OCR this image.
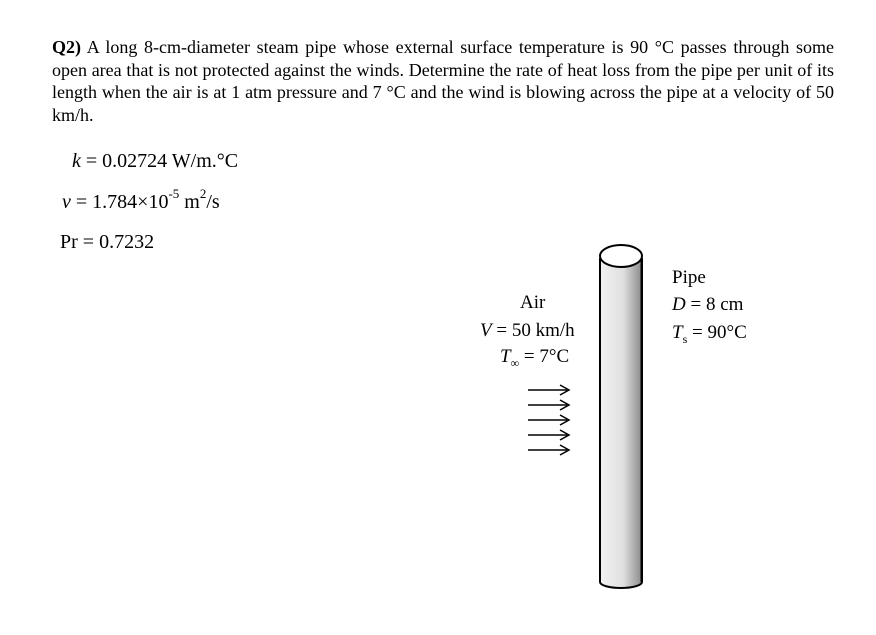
Q2) A long 8-cm-diameter steam pipe whose external surface temperature is 90 °C passes through some open area that is not protected against the winds. Determine the rate of heat loss from the pipe per unit of its length when the air is at 1 atm pressure and 7 °C and the wind is blowing across the pipe at a velocity of 50 km/h.
k = 0.02724 W/m.°C
$\nu = 1.784\times 10^{-5}$ $m^2/s$
Pr = 0.7232
Air
V = 50 km/h
$T_\infty = 7^\circ C$
Pipe
D = 8 cm
$T_s = 90^\circ C$
